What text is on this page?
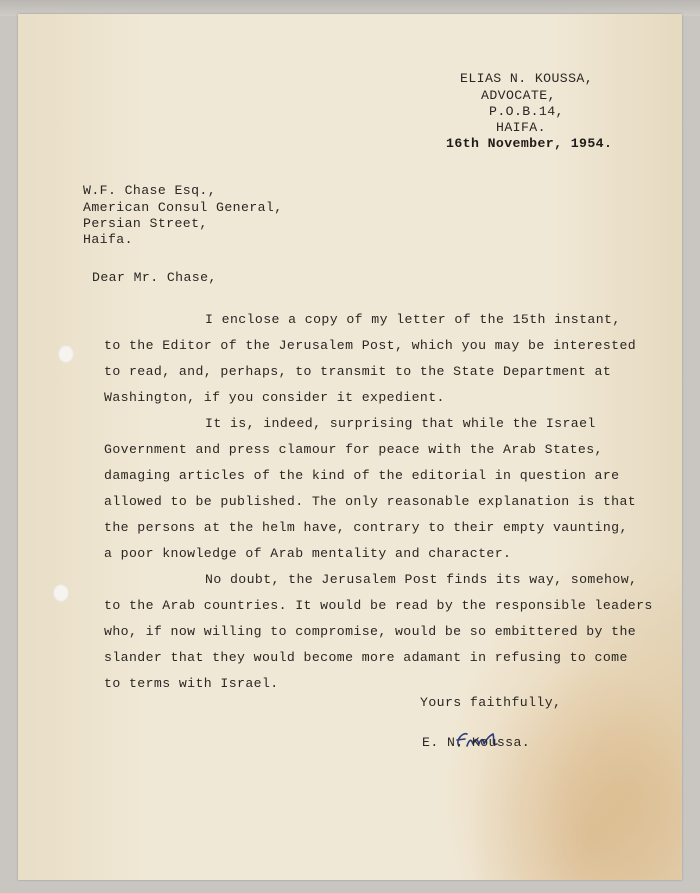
ELIAS N. KOUSSA,

ADVOCATE,

P.O.B.14,

HAIFA.

16th November, 1954.

W.F. Chase Esq.,

American Consul General,

Persian Street,

Haifa.

Dear Mr. Chase,

I enclose a copy of my letter of the 15th instant,

to the Editor of the Jerusalem Post, which you may be interested

to read, and, perhaps, to transmit to the State Department at

Washington, if you consider it expedient.

It is, indeed, surprising that while the Israel

Government and press clamour for peace with the Arab States,

damaging articles of the kind of the editorial in question are

allowed to be published. The only reasonable explanation is that

the persons at the helm have, contrary to their empty vaunting,

a poor knowledge of Arab mentality and character.

No doubt, the Jerusalem Post finds its way, somehow,

to the Arab countries. It would be read by the responsible leaders

who, if now willing to compromise, would be so embittered by the

slander that they would become more adamant in refusing to come

to terms with Israel.

Yours faithfully,

E. N. Koussa.
